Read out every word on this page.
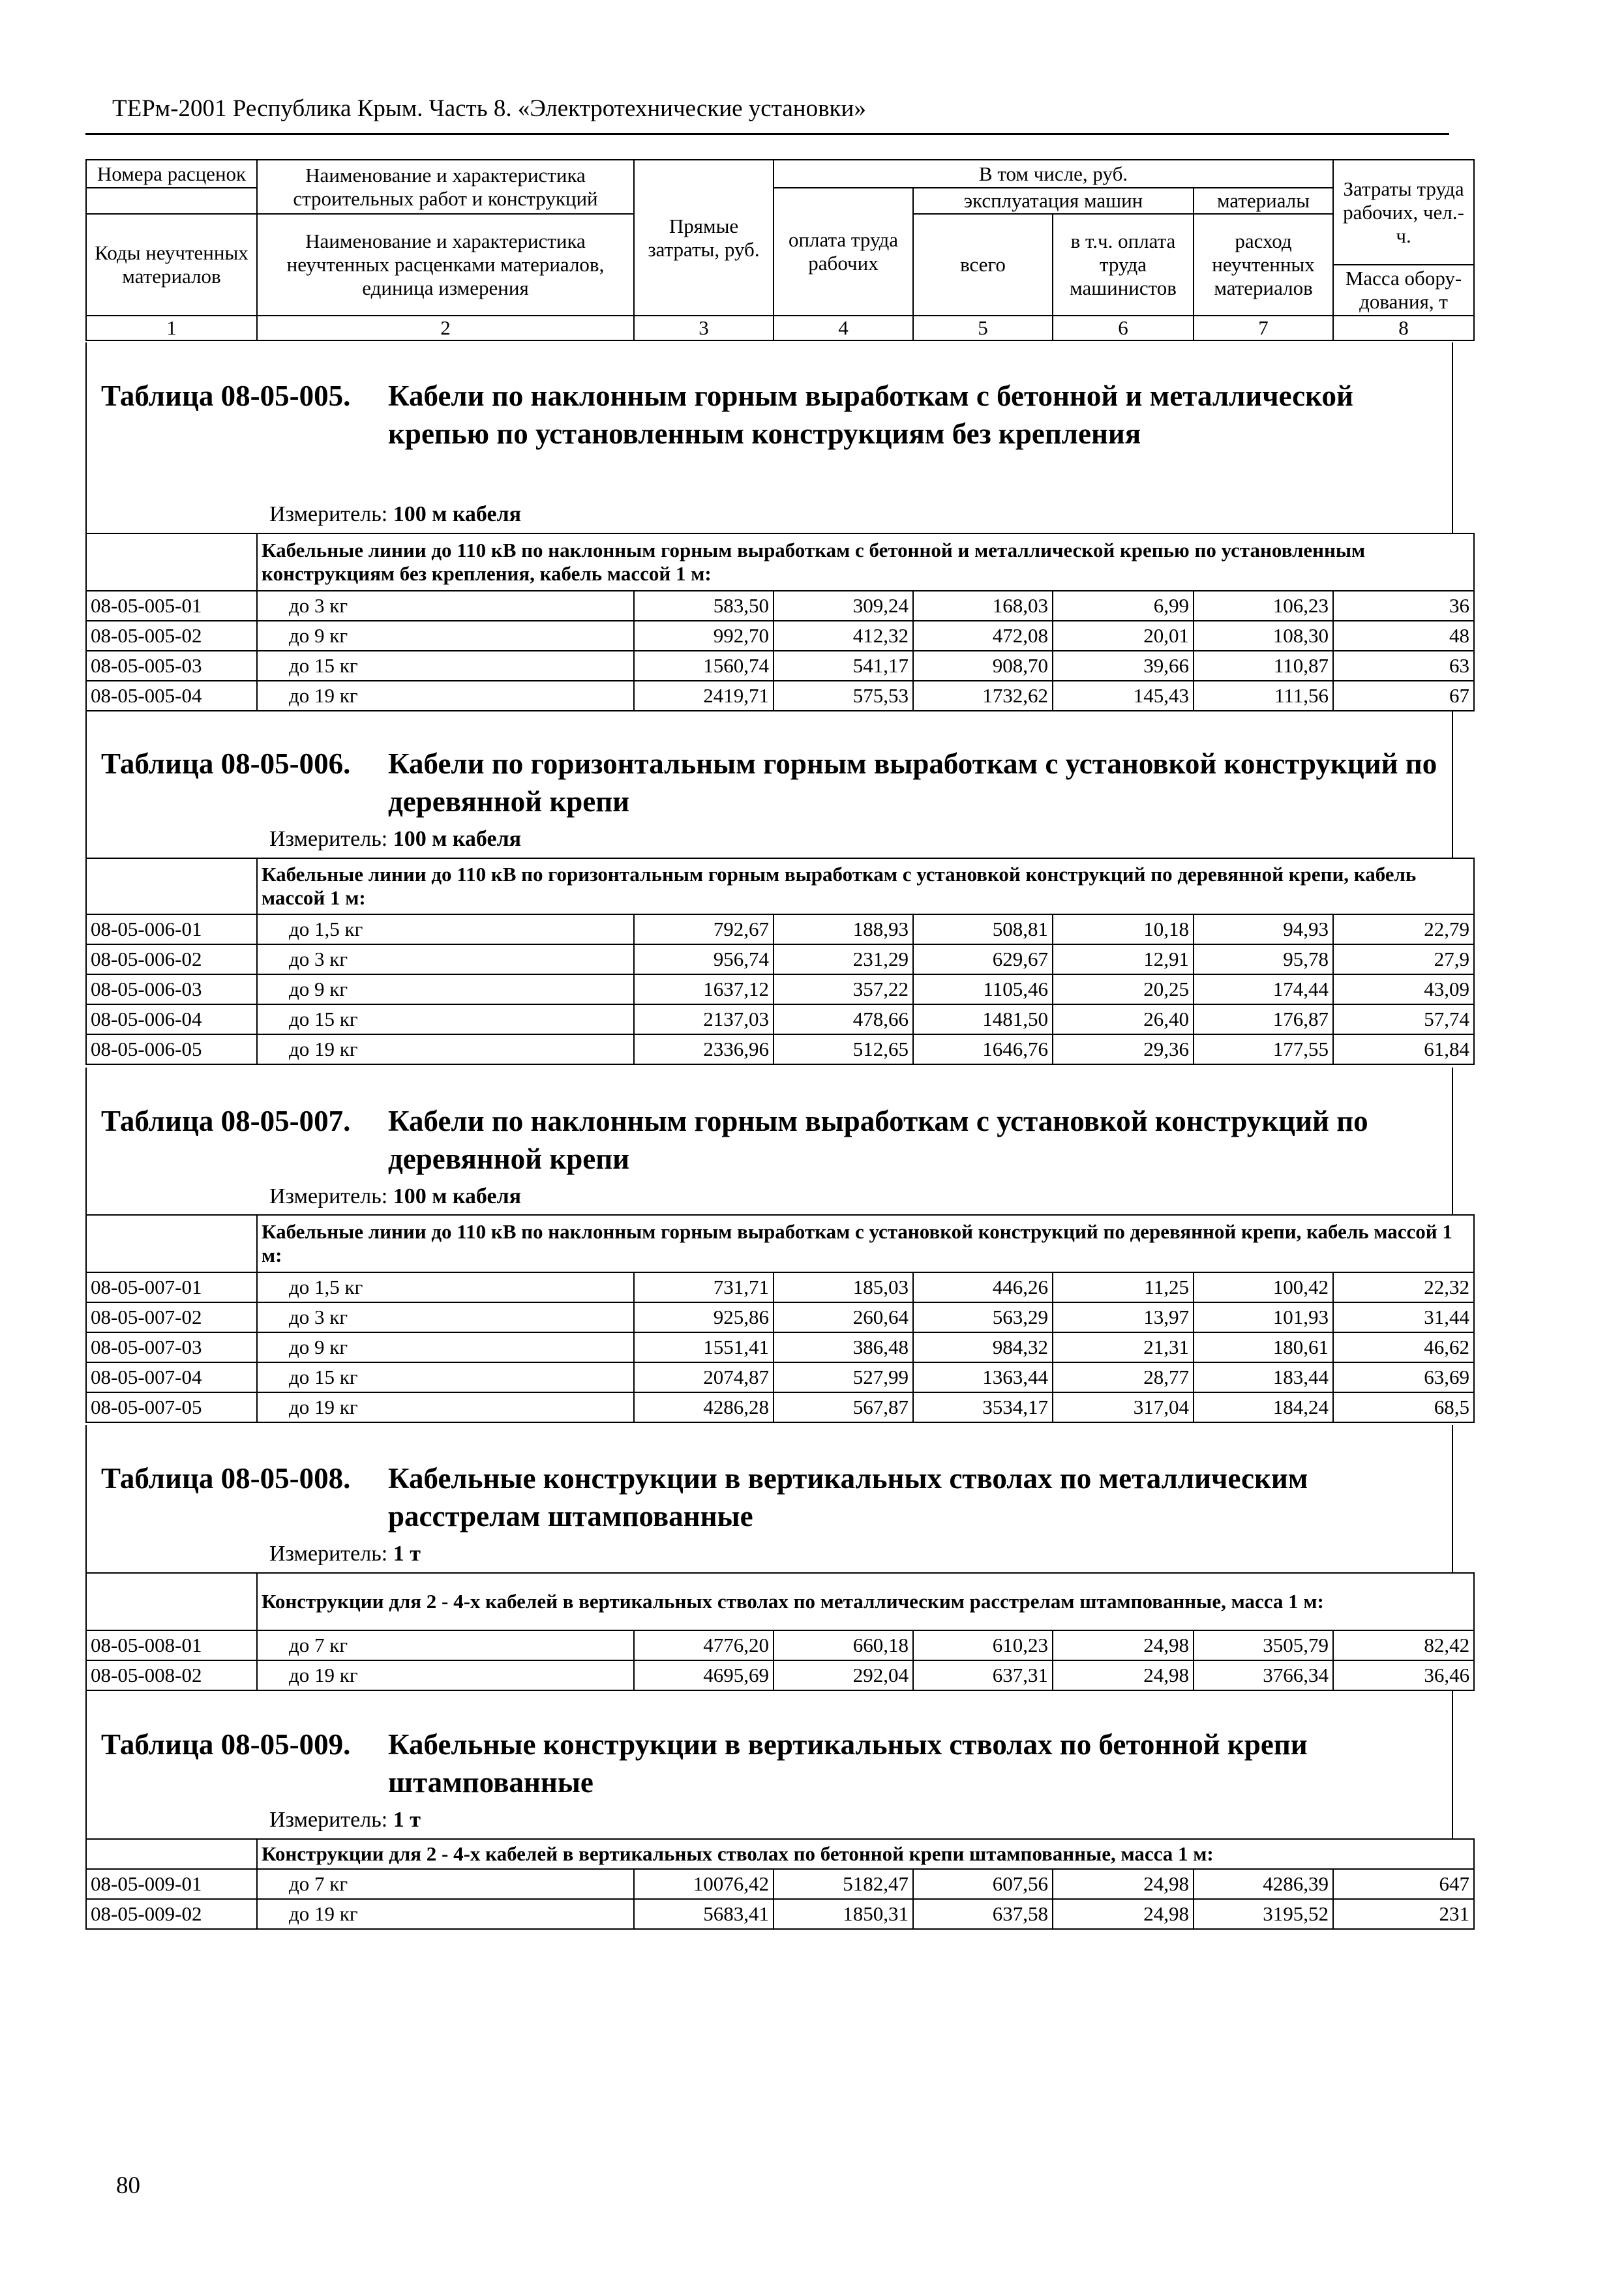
ТЕРм-2001 Республика Крым. Часть 8. «Электротехнические установки»
Номера расценок	Наименование и характеристика строительных работ и конструкций	Прямые затраты, руб.	В том числе, руб.				Затраты труда рабочих, чел.-ч.
			оплата труда рабочих	эксплуатация машин		материалы	
Коды неучтенных материалов	Наименование и характеристика неучтенных расценками материалов, единица измерения			всего	в т.ч. оплата труда машинистов	расход неучтенных материалов	
							Масса обору-дования, т
1	2	3	4	5	6	7	8
Таблица 08-05-005. Кабели по наклонным горным выработкам с бетонной и металлической крепью по установленным конструкциям без крепления
Измеритель: 100 м кабеля
	Кабельные линии до 110 кВ по наклонным горным выработкам с бетонной и металлической крепью по установленным конструкциям без крепления, кабель массой 1 м:						
08-05-005-01	до 3 кг	583,50	309,24	168,03	6,99	106,23	36
08-05-005-02	до 9 кг	992,70	412,32	472,08	20,01	108,30	48
08-05-005-03	до 15 кг	1560,74	541,17	908,70	39,66	110,87	63
08-05-005-04	до 19 кг	2419,71	575,53	1732,62	145,43	111,56	67
Таблица 08-05-006. Кабели по горизонтальным горным выработкам с установкой конструкций по деревянной крепи
Измеритель: 100 м кабеля
	Кабельные линии до 110 кВ по горизонтальным горным выработкам с установкой конструкций по деревянной крепи, кабель массой 1 м:						
08-05-006-01	до 1,5 кг	792,67	188,93	508,81	10,18	94,93	22,79
08-05-006-02	до 3 кг	956,74	231,29	629,67	12,91	95,78	27,9
08-05-006-03	до 9 кг	1637,12	357,22	1105,46	20,25	174,44	43,09
08-05-006-04	до 15 кг	2137,03	478,66	1481,50	26,40	176,87	57,74
08-05-006-05	до 19 кг	2336,96	512,65	1646,76	29,36	177,55	61,84
Таблица 08-05-007. Кабели по наклонным горным выработкам с установкой конструкций по деревянной крепи
Измеритель: 100 м кабеля
	Кабельные линии до 110 кВ по наклонным горным выработкам с установкой конструкций по деревянной крепи, кабель массой 1 м:						
08-05-007-01	до 1,5 кг	731,71	185,03	446,26	11,25	100,42	22,32
08-05-007-02	до 3 кг	925,86	260,64	563,29	13,97	101,93	31,44
08-05-007-03	до 9 кг	1551,41	386,48	984,32	21,31	180,61	46,62
08-05-007-04	до 15 кг	2074,87	527,99	1363,44	28,77	183,44	63,69
08-05-007-05	до 19 кг	4286,28	567,87	3534,17	317,04	184,24	68,5
Таблица 08-05-008. Кабельные конструкции в вертикальных стволах по металлическим расстрелам штампованные
Измеритель: 1 т
	Конструкции для 2 - 4-х кабелей в вертикальных стволах по металлическим расстрелам штампованные, масса 1 м:						
08-05-008-01	до 7 кг	4776,20	660,18	610,23	24,98	3505,79	82,42
08-05-008-02	до 19 кг	4695,69	292,04	637,31	24,98	3766,34	36,46
Таблица 08-05-009. Кабельные конструкции в вертикальных стволах по бетонной крепи штампованные
Измеритель: 1 т
	Конструкции для 2 - 4-х кабелей в вертикальных стволах по бетонной крепи штампованные, масса 1 м:						
08-05-009-01	до 7 кг	10076,42	5182,47	607,56	24,98	4286,39	647
08-05-009-02	до 19 кг	5683,41	1850,31	637,58	24,98	3195,52	231
80
